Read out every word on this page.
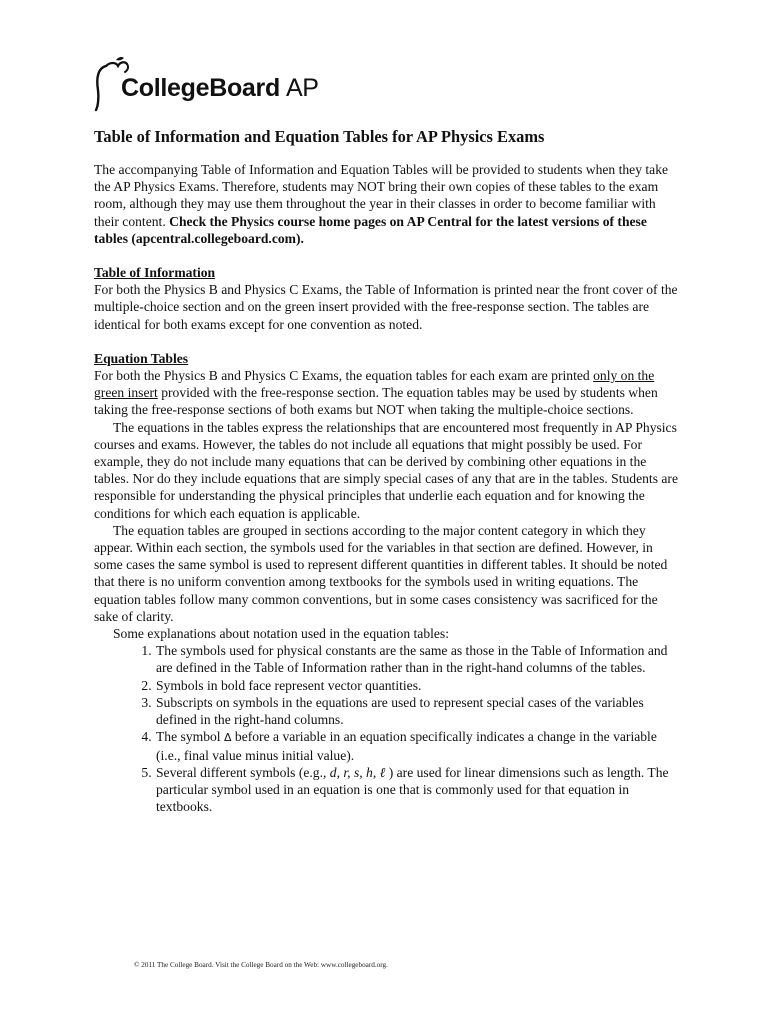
CollegeBoard AP
Table of Information and Equation Tables for AP Physics Exams

The accompanying Table of Information and Equation Tables will be provided to students when they take the AP Physics Exams. Therefore, students may NOT bring their own copies of these tables to the exam room, although they may use them throughout the year in their classes in order to become familiar with their content. Check the Physics course home pages on AP Central for the latest versions of these tables (apcentral.collegeboard.com).

Table of Information

For both the Physics B and Physics C Exams, the Table of Information is printed near the front cover of the multiple-choice section and on the green insert provided with the free-response section. The tables are identical for both exams except for one convention as noted.

Equation Tables

For both the Physics B and Physics C Exams, the equation tables for each exam are printed only on the green insert provided with the free-response section. The equation tables may be used by students when taking the free-response sections of both exams but NOT when taking the multiple-choice sections.

The equations in the tables express the relationships that are encountered most frequently in AP Physics courses and exams. However, the tables do not include all equations that might possibly be used. For example, they do not include many equations that can be derived by combining other equations in the tables. Nor do they include equations that are simply special cases of any that are in the tables. Students are responsible for understanding the physical principles that underlie each equation and for knowing the conditions for which each equation is applicable.

The equation tables are grouped in sections according to the major content category in which they appear. Within each section, the symbols used for the variables in that section are defined. However, in some cases the same symbol is used to represent different quantities in different tables. It should be noted that there is no uniform convention among textbooks for the symbols used in writing equations. The equation tables follow many common conventions, but in some cases consistency was sacrificed for the sake of clarity.

Some explanations about notation used in the equation tables:

1. The symbols used for physical constants are the same as those in the Table of Information and are defined in the Table of Information rather than in the right-hand columns of the tables.
2. Symbols in bold face represent vector quantities.
3. Subscripts on symbols in the equations are used to represent special cases of the variables defined in the right-hand columns.
4. The symbol Δ before a variable in an equation specifically indicates a change in the variable (i.e., final value minus initial value).
5. Several different symbols (e.g., d, r, s, h, ℓ ) are used for linear dimensions such as length. The particular symbol used in an equation is one that is commonly used for that equation in textbooks.
© 2011 The College Board. Visit the College Board on the Web: www.collegeboard.org.
